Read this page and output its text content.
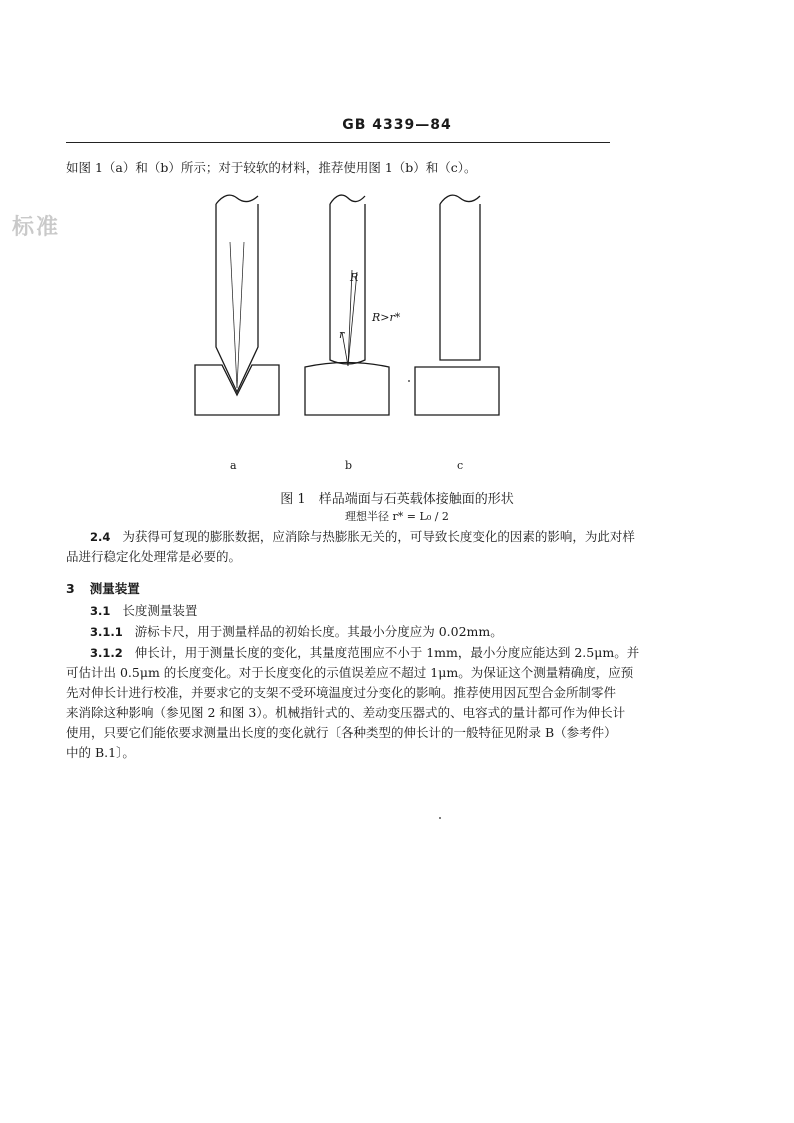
GB 4339—84
标准
如图 1（a）和（b）所示；对于较软的材料，推荐使用图 1（b）和（c）。
R
r
R>r*
a	b	c
图 1　样品端面与石英载体接触面的形状
理想半径 r* = L₀ / 2
2.4 为获得可复现的膨胀数据，应消除与热膨胀无关的，可导致长度变化的因素的影响，为此对样
品进行稳定化处理常是必要的。
3 测量装置
3.1 长度测量装置
3.1.1 游标卡尺，用于测量样品的初始长度。其最小分度应为 0.02mm。
3.1.2 伸长计，用于测量长度的变化，其量度范围应不小于 1mm，最小分度应能达到 2.5μm。并
可估计出 0.5μm 的长度变化。对于长度变化的示值误差应不超过 1μm。为保证这个测量精确度，应预
先对伸长计进行校准，并要求它的支架不受环境温度过分变化的影响。推荐使用因瓦型合金所制零件
来消除这种影响（参见图 2 和图 3）。机械指针式的、差动变压器式的、电容式的量计都可作为伸长计
使用，只要它们能依要求测量出长度的变化就行〔各种类型的伸长计的一般特征见附录 B（参考件）
中的 B.1〕。
